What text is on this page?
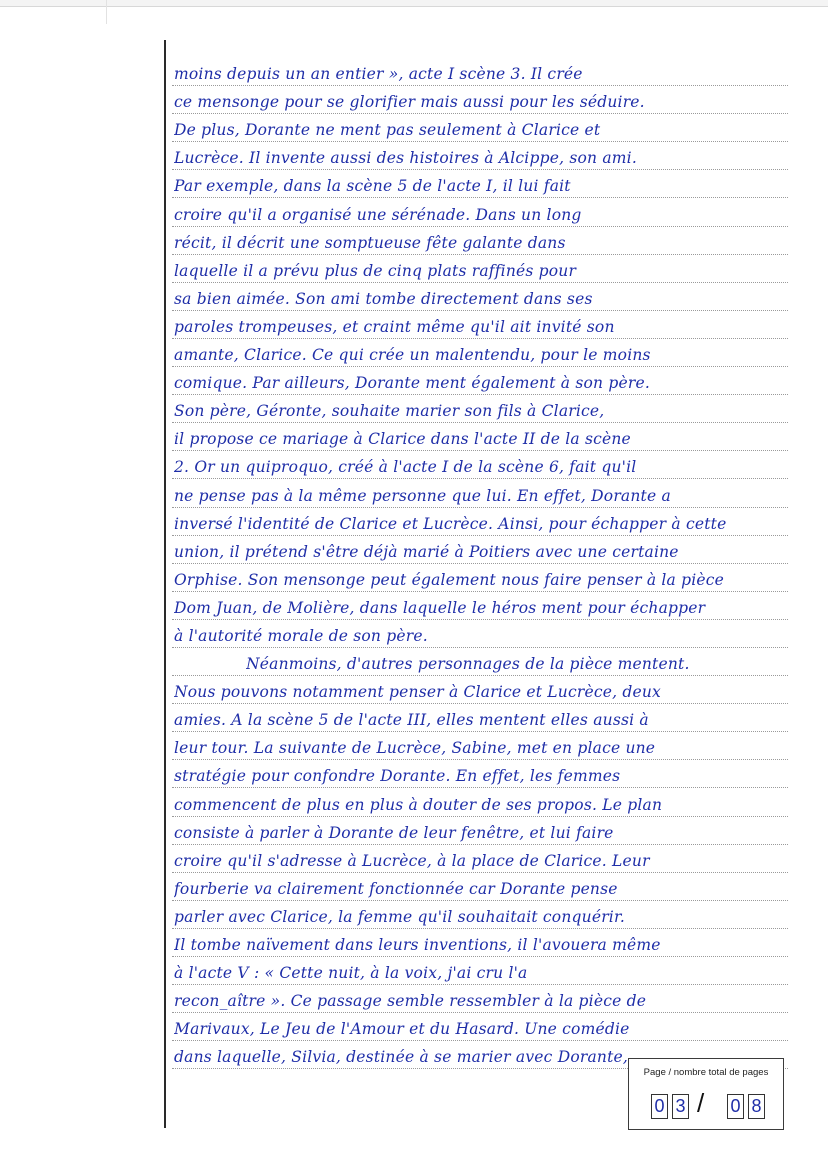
moins depuis un an entier », acte I scène 3. Il crée
ce mensonge pour se glorifier mais aussi pour les séduire.
De plus, Dorante ne ment pas seulement à Clarice et
Lucrèce. Il invente aussi des histoires à Alcippe, son ami.
Par exemple, dans la scène 5 de l'acte I, il lui fait
croire qu'il a organisé une sérénade. Dans un long
récit, il décrit une somptueuse fête galante dans
laquelle il a prévu plus de cinq plats raffinés pour
sa bien aimée. Son ami tombe directement dans ses
paroles trompeuses, et craint même qu'il ait invité son
amante, Clarice. Ce qui crée un malentendu, pour le moins
comique. Par ailleurs, Dorante ment également à son père.
Son père, Géronte, souhaite marier son fils à Clarice,
il propose ce mariage à Clarice dans l'acte II de la scène
2. Or un quiproquo, créé à l'acte I de la scène 6, fait qu'il
ne pense pas à la même personne que lui. En effet, Dorante a
inversé l'identité de Clarice et Lucrèce. Ainsi, pour échapper à cette
union, il prétend s'être déjà marié à Poitiers avec une certaine
Orphise. Son mensonge peut également nous faire penser à la pièce
Dom Juan, de Molière, dans laquelle le héros ment pour échapper
à l'autorité morale de son père.
Néanmoins, d'autres personnages de la pièce mentent.
Nous pouvons notamment penser à Clarice et Lucrèce, deux
amies. A la scène 5 de l'acte III, elles mentent elles aussi à
leur tour. La suivante de Lucrèce, Sabine, met en place une
stratégie pour confondre Dorante. En effet, les femmes
commencent de plus en plus à douter de ses propos. Le plan
consiste à parler à Dorante de leur fenêtre, et lui faire
croire qu'il s'adresse à Lucrèce, à la place de Clarice. Leur
fourberie va clairement fonctionnée car Dorante pense
parler avec Clarice, la femme qu'il souhaitait conquérir.
Il tombe naïvement dans leurs inventions, il l'avouera même
à l'acte V : « Cette nuit, à la voix, j'ai cru l'a
recon_aître ». Ce passage semble ressembler à la pièce de
Marivaux, Le Jeu de l'Amour et du Hasard. Une comédie
dans laquelle, Silvia, destinée à se marier avec Dorante,
Page / nombre total de pages
0 3 / 0 8
